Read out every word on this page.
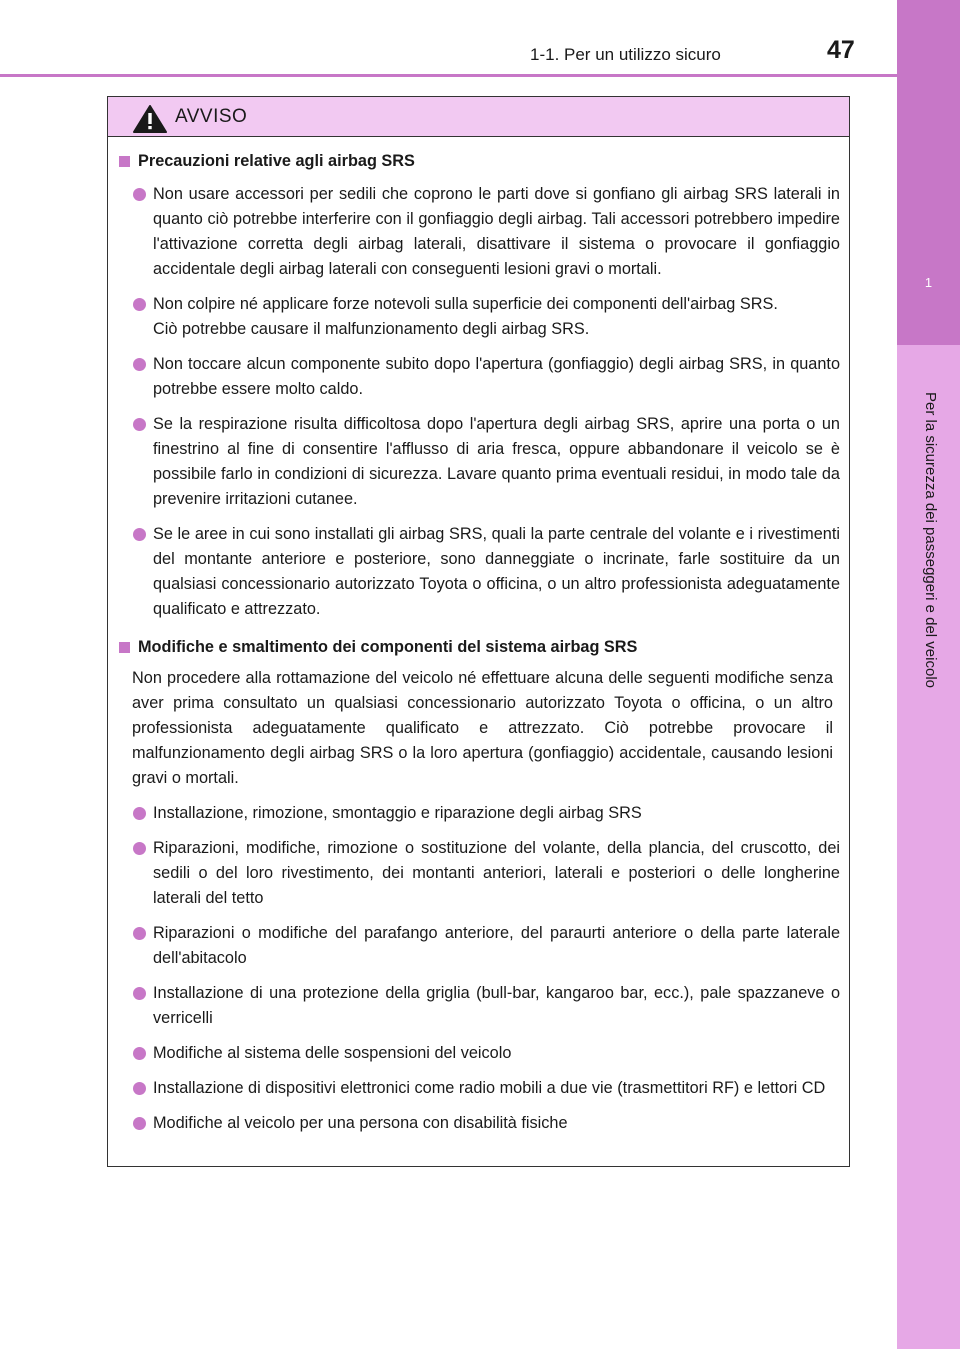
1-1. Per un utilizzo sicuro	47
1
Per la sicurezza dei passeggeri e del veicolo
AVVISO
Precauzioni relative agli airbag SRS
Non usare accessori per sedili che coprono le parti dove si gonfiano gli airbag SRS laterali in quanto ciò potrebbe interferire con il gonfiaggio degli airbag. Tali accessori potrebbero impedire l'attivazione corretta degli airbag laterali, disattivare il sistema o provocare il gonfiaggio accidentale degli airbag laterali con conseguenti lesioni gravi o mortali.
Non colpire né applicare forze notevoli sulla superficie dei componenti dell'airbag SRS.
Ciò potrebbe causare il malfunzionamento degli airbag SRS.
Non toccare alcun componente subito dopo l'apertura (gonfiaggio) degli airbag SRS, in quanto potrebbe essere molto caldo.
Se la respirazione risulta difficoltosa dopo l'apertura degli airbag SRS, aprire una porta o un finestrino al fine di consentire l'afflusso di aria fresca, oppure abbandonare il veicolo se è possibile farlo in condizioni di sicurezza. Lavare quanto prima eventuali residui, in modo tale da prevenire irritazioni cutanee.
Se le aree in cui sono installati gli airbag SRS, quali la parte centrale del volante e i rivestimenti del montante anteriore e posteriore, sono danneggiate o incrinate, farle sostituire da un qualsiasi concessionario autorizzato Toyota o officina, o un altro professionista adeguatamente qualificato e attrezzato.
Modifiche e smaltimento dei componenti del sistema airbag SRS
Non procedere alla rottamazione del veicolo né effettuare alcuna delle seguenti modifiche senza aver prima consultato un qualsiasi concessionario autorizzato Toyota o officina, o un altro professionista adeguatamente qualificato e attrezzato. Ciò potrebbe provocare il malfunzionamento degli airbag SRS o la loro apertura (gonfiaggio) accidentale, causando lesioni gravi o mortali.
Installazione, rimozione, smontaggio e riparazione degli airbag SRS
Riparazioni, modifiche, rimozione o sostituzione del volante, della plancia, del cruscotto, dei sedili o del loro rivestimento, dei montanti anteriori, laterali e posteriori o delle longherine laterali del tetto
Riparazioni o modifiche del parafango anteriore, del paraurti anteriore o della parte laterale dell'abitacolo
Installazione di una protezione della griglia (bull-bar, kangaroo bar, ecc.), pale spazzaneve o verricelli
Modifiche al sistema delle sospensioni del veicolo
Installazione di dispositivi elettronici come radio mobili a due vie (trasmettitori RF) e lettori CD
Modifiche al veicolo per una persona con disabilità fisiche
